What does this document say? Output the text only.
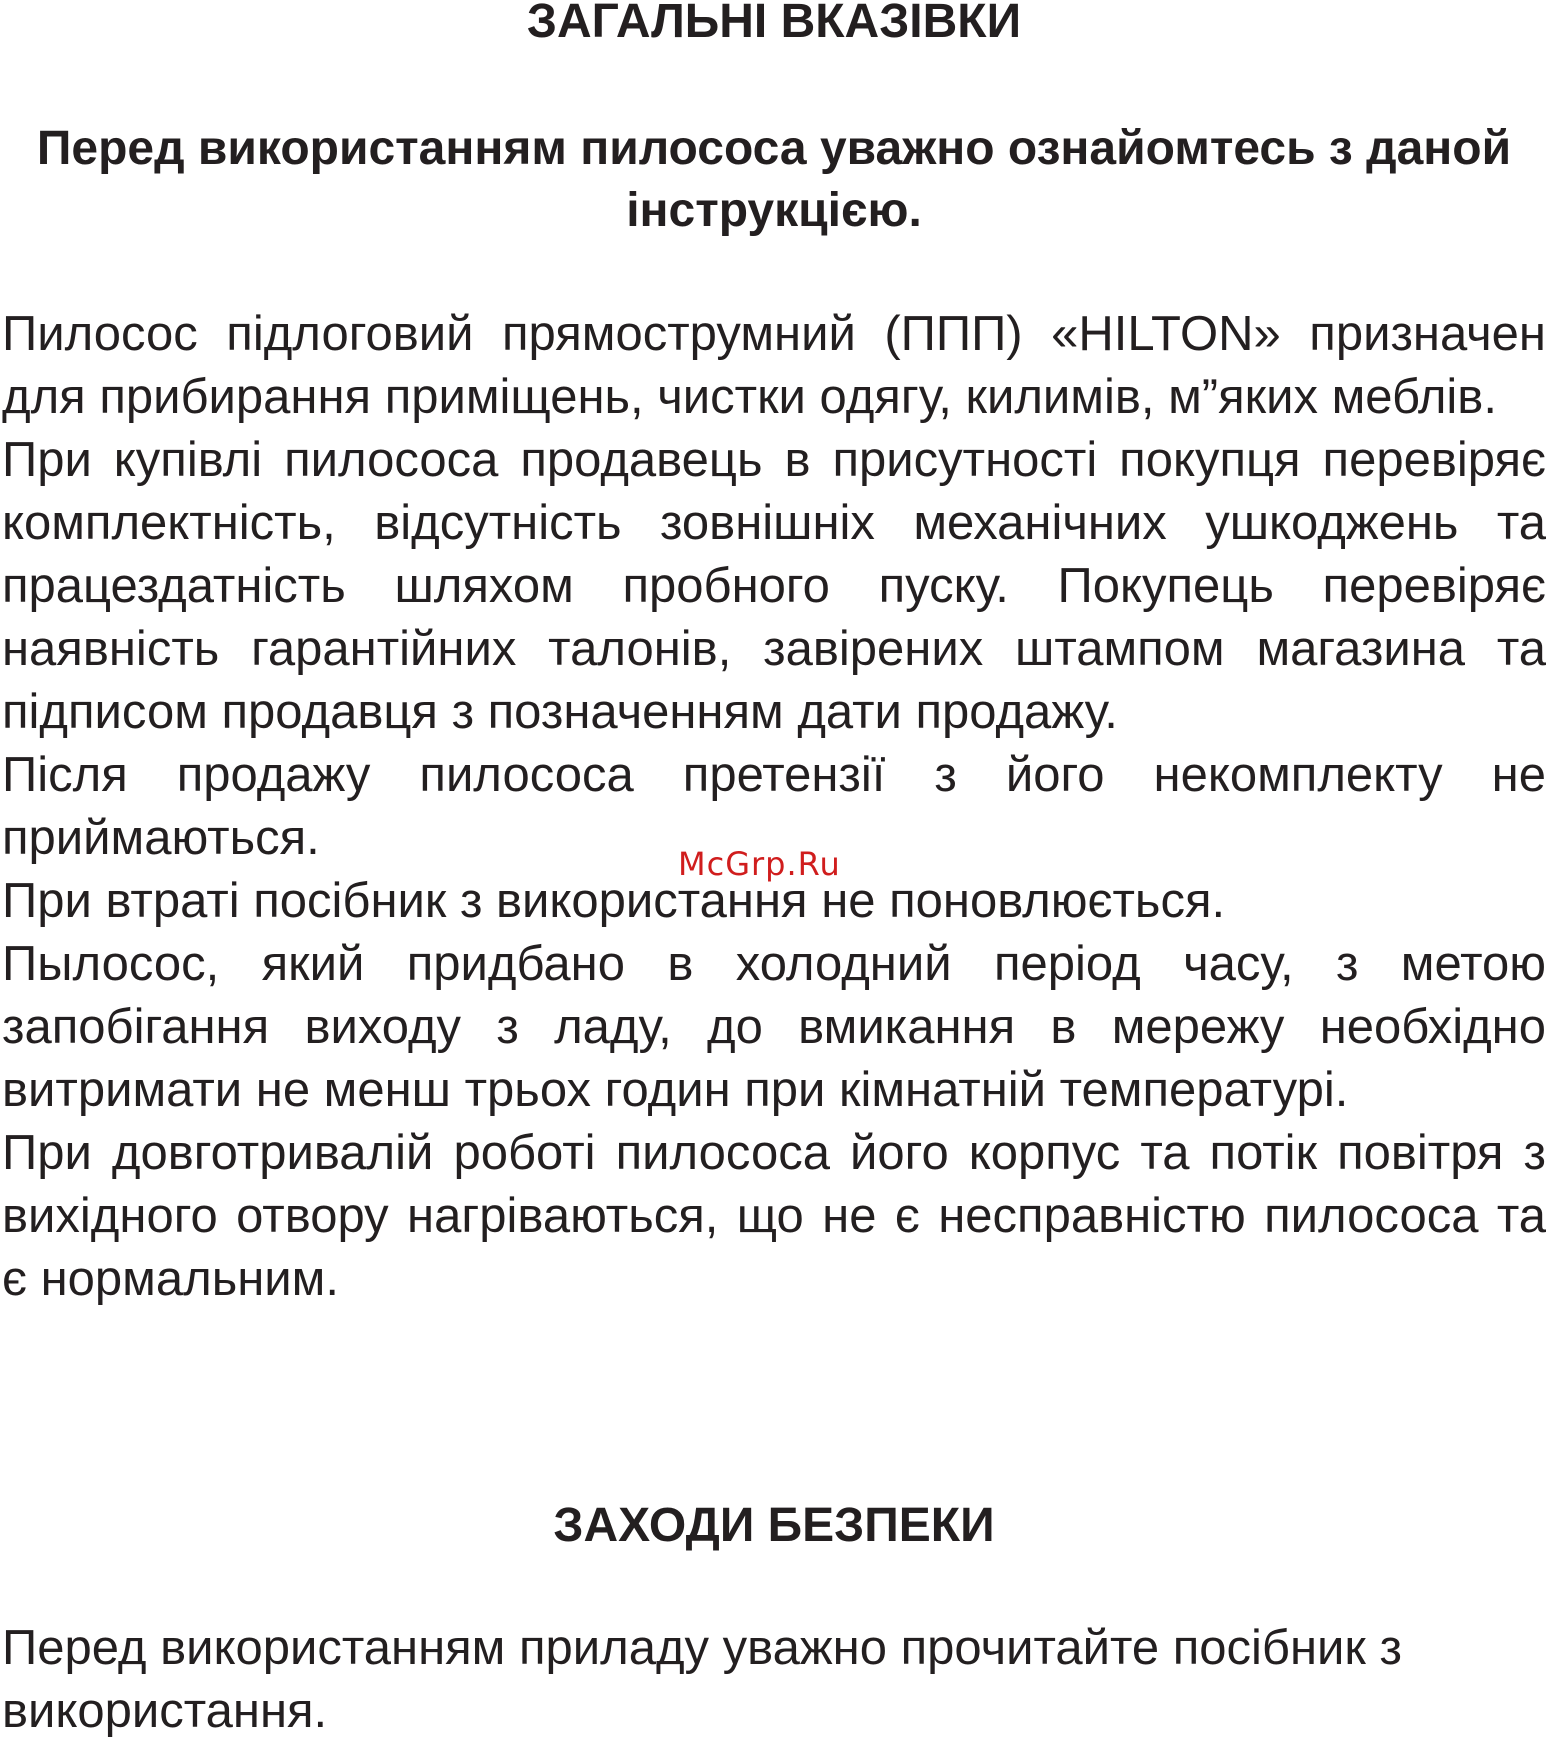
ЗАГАЛЬНІ ВКАЗІВКИ
Перед використанням пилососа уважно ознайомтесь з даной інструкцією.

Пилосос підлоговий прямострумний (ППП) «HILTON» призначен для прибирання приміщень, чистки одягу, килимів, м”яких меблів.

При купівлі пилососа продавець в присутності покупця перевіряє комплектність, відсутність зовнішніх механічних ушкоджень та працездатність шляхом пробного пуску. Покупець перевіряє наявність гарантійних талонів, завірених штампом магазина та підписом продавця з позначенням дати продажу.

Після продажу пилососа претензії з його некомплекту не приймаються.

При втраті посібник з використання не поновлюється.

Пылосос, який придбано в холодний період часу, з метою запобігання виходу з ладу, до вмикання в мережу необхідно витримати не менш трьох годин при кімнатній температурі.

При довготривалій роботі пилососа його корпус та потік повітря з вихідного отвору нагріваються, що не є несправністю пилососа та є нормальним.

ЗАХОДИ БЕЗПЕКИ

Перед використанням приладу уважно прочитайте посібник з використання.

McGrp.Ru
